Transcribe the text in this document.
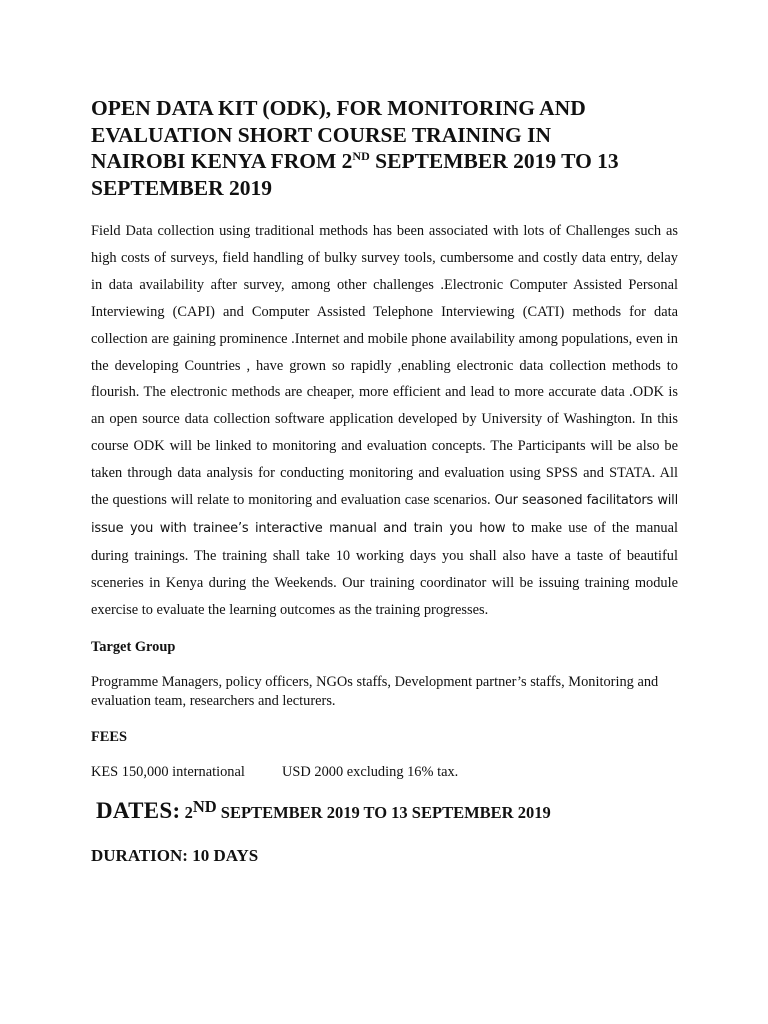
OPEN DATA KIT (ODK), FOR MONITORING AND
EVALUATION SHORT COURSE TRAINING IN
NAIROBI KENYA FROM 2ND SEPTEMBER 2019 TO 13
SEPTEMBER 2019

Field Data collection using traditional methods has been associated with lots of Challenges such as high costs of surveys, field handling of bulky survey tools, cumbersome and costly data entry, delay in data availability after survey, among other challenges .Electronic Computer Assisted Personal Interviewing (CAPI) and Computer Assisted Telephone Interviewing (CATI) methods for data collection are gaining prominence .Internet and mobile phone availability among populations, even in the developing Countries , have grown so rapidly ,enabling electronic data collection methods to flourish. The electronic methods are cheaper, more efficient and lead to more accurate data .ODK is an open source data collection software application developed by University of Washington. In this course ODK will be linked to monitoring and evaluation concepts. The Participants will be also be taken through data analysis for conducting monitoring and evaluation using SPSS and STATA. All the questions will relate to monitoring and evaluation case scenarios. Our seasoned facilitators will issue you with trainee’s interactive manual and train you how to make use of the manual during trainings. The training shall take 10 working days you shall also have a taste of beautiful sceneries in Kenya during the Weekends. Our training coordinator will be issuing training module exercise to evaluate the learning outcomes as the training progresses.

Target Group

Programme Managers, policy officers, NGOs staffs, Development partner’s staffs, Monitoring and evaluation team, researchers and lecturers.

FEES

KES 150,000 international	USD 2000 excluding 16% tax.

DATES: 2ND SEPTEMBER 2019 TO 13 SEPTEMBER 2019

DURATION: 10 DAYS
